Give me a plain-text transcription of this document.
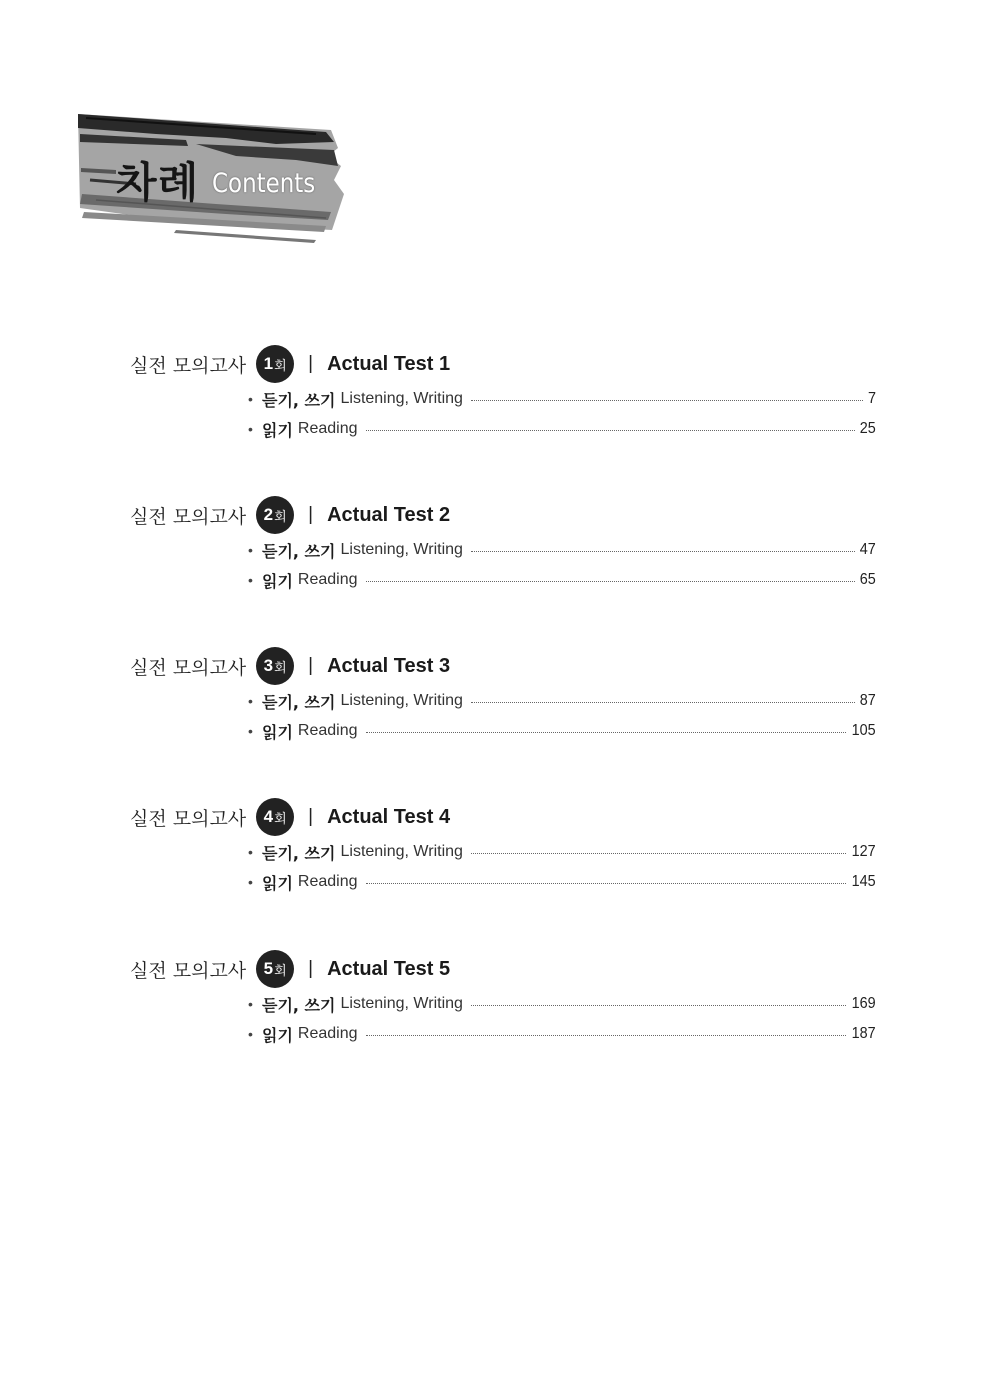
차례 Contents
실전 모의고사 1 회 | Actual Test 1
• 듣기, 쓰기 Listening, Writing	7
• 읽기 Reading	25
실전 모의고사 2 회 | Actual Test 2
• 듣기, 쓰기 Listening, Writing	47
• 읽기 Reading	65
실전 모의고사 3 회 | Actual Test 3
• 듣기, 쓰기 Listening, Writing	87
• 읽기 Reading	105
실전 모의고사 4 회 | Actual Test 4
• 듣기, 쓰기 Listening, Writing	127
• 읽기 Reading	145
실전 모의고사 5 회 | Actual Test 5
• 듣기, 쓰기 Listening, Writing	169
• 읽기 Reading	187
